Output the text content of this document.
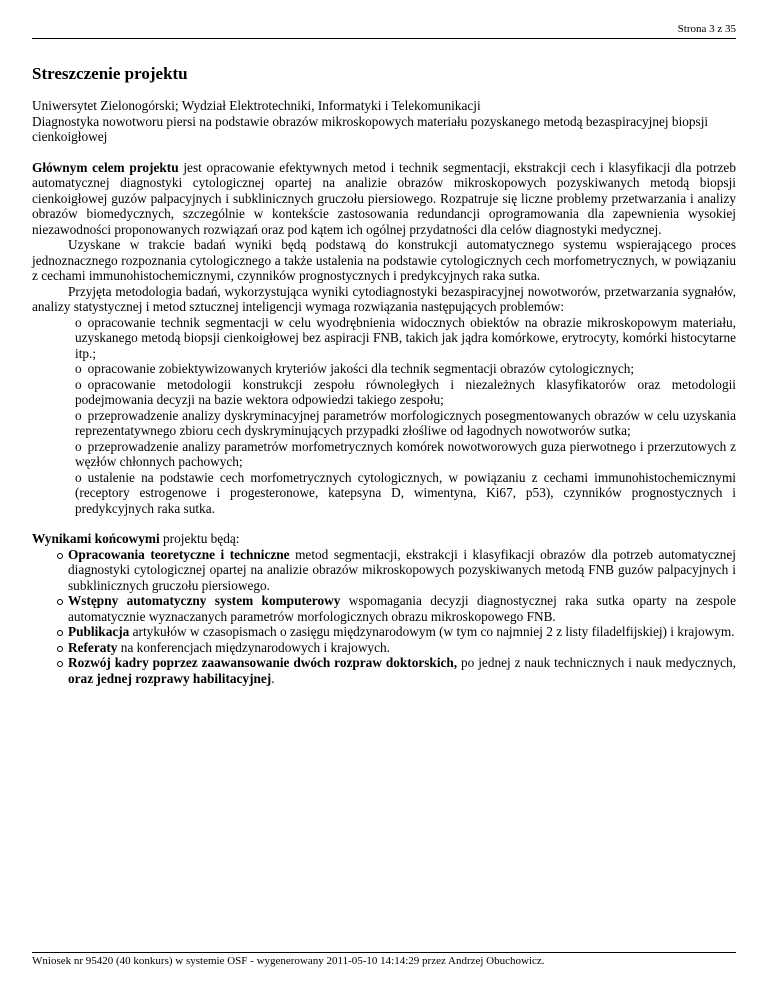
Strona 3 z 35
Streszczenie projektu

Uniwersytet Zielonogórski; Wydział Elektrotechniki, Informatyki i Telekomunikacji

Diagnostyka nowotworu piersi na podstawie obrazów mikroskopowych materiału pozyskanego metodą bezaspiracyjnej biopsji cienkoigłowej

Głównym celem projektu jest opracowanie efektywnych metod i technik segmentacji, ekstrakcji cech i klasyfikacji dla potrzeb automatycznej diagnostyki cytologicznej opartej na analizie obrazów mikroskopowych pozyskiwanych metodą biopsji cienkoigłowej guzów palpacyjnych i subklinicznych gruczołu piersiowego. Rozpatruje się liczne problemy przetwarzania i analizy obrazów biomedycznych, szczególnie w kontekście zastosowania redundancji oprogramowania dla zapewnienia wysokiej niezawodności proponowanych rozwiązań oraz pod kątem ich ogólnej przydatności dla celów diagnostyki medycznej.

Uzyskane w trakcie badań wyniki będą podstawą do konstrukcji automatycznego systemu wspierającego proces jednoznacznego rozpoznania cytologicznego a także ustalenia na podstawie cytologicznych cech morfometrycznych, w powiązaniu z cechami immunohistochemicznymi, czynników prognostycznych i predykcyjnych raka sutka.

Przyjęta metodologia badań, wykorzystująca wyniki cytodiagnostyki bezaspiracyjnej nowotworów, przetwarzania sygnałów, analizy statystycznej i metod sztucznej inteligencji wymaga rozwiązania następujących problemów:

o opracowanie technik segmentacji w celu wyodrębnienia widocznych obiektów na obrazie mikroskopowym materiału, uzyskanego metodą biopsji cienkoigłowej bez aspiracji FNB, takich jak jądra komórkowe, erytrocyty, komórki histocytarne itp.;
o opracowanie zobiektywizowanych kryteriów jakości dla technik segmentacji obrazów cytologicznych;
o opracowanie metodologii konstrukcji zespołu równoległych i niezależnych klasyfikatorów oraz metodologii podejmowania decyzji na bazie wektora odpowiedzi takiego zespołu;
o przeprowadzenie analizy dyskryminacyjnej parametrów morfologicznych posegmentowanych obrazów w celu uzyskania reprezentatywnego zbioru cech dyskryminujących przypadki złośliwe od łagodnych nowotworów sutka;
o przeprowadzenie analizy parametrów morfometrycznych komórek nowotworowych guza pierwotnego i przerzutowych z węzłów chłonnych pachowych;
o ustalenie na podstawie cech morfometrycznych cytologicznych, w powiązaniu z cechami immunohistochemicznymi (receptory estrogenowe i progesteronowe, katepsyna D, wimentyna, Ki67, p53), czynników prognostycznych i predykcyjnych raka sutka.

Wynikami końcowymi projektu będą:

Opracowania teoretyczne i techniczne metod segmentacji, ekstrakcji i klasyfikacji obrazów dla potrzeb automatycznej diagnostyki cytologicznej opartej na analizie obrazów mikroskopowych pozyskiwanych metodą FNB guzów palpacyjnych i subklinicznych gruczołu piersiowego.
Wstępny automatyczny system komputerowy wspomagania decyzji diagnostycznej raka sutka oparty na zespole automatycznie wyznaczanych parametrów morfologicznych obrazu mikroskopowego FNB.
Publikacja artykułów w czasopismach o zasięgu międzynarodowym (w tym co najmniej 2 z listy filadelfijskiej) i krajowym.
Referaty na konferencjach międzynarodowych i krajowych.
Rozwój kadry poprzez zaawansowanie dwóch rozpraw doktorskich, po jednej z nauk technicznych i nauk medycznych, oraz jednej rozprawy habilitacyjnej.
Wniosek nr 95420 (40 konkurs) w systemie OSF - wygenerowany 2011-05-10 14:14:29 przez Andrzej Obuchowicz.
